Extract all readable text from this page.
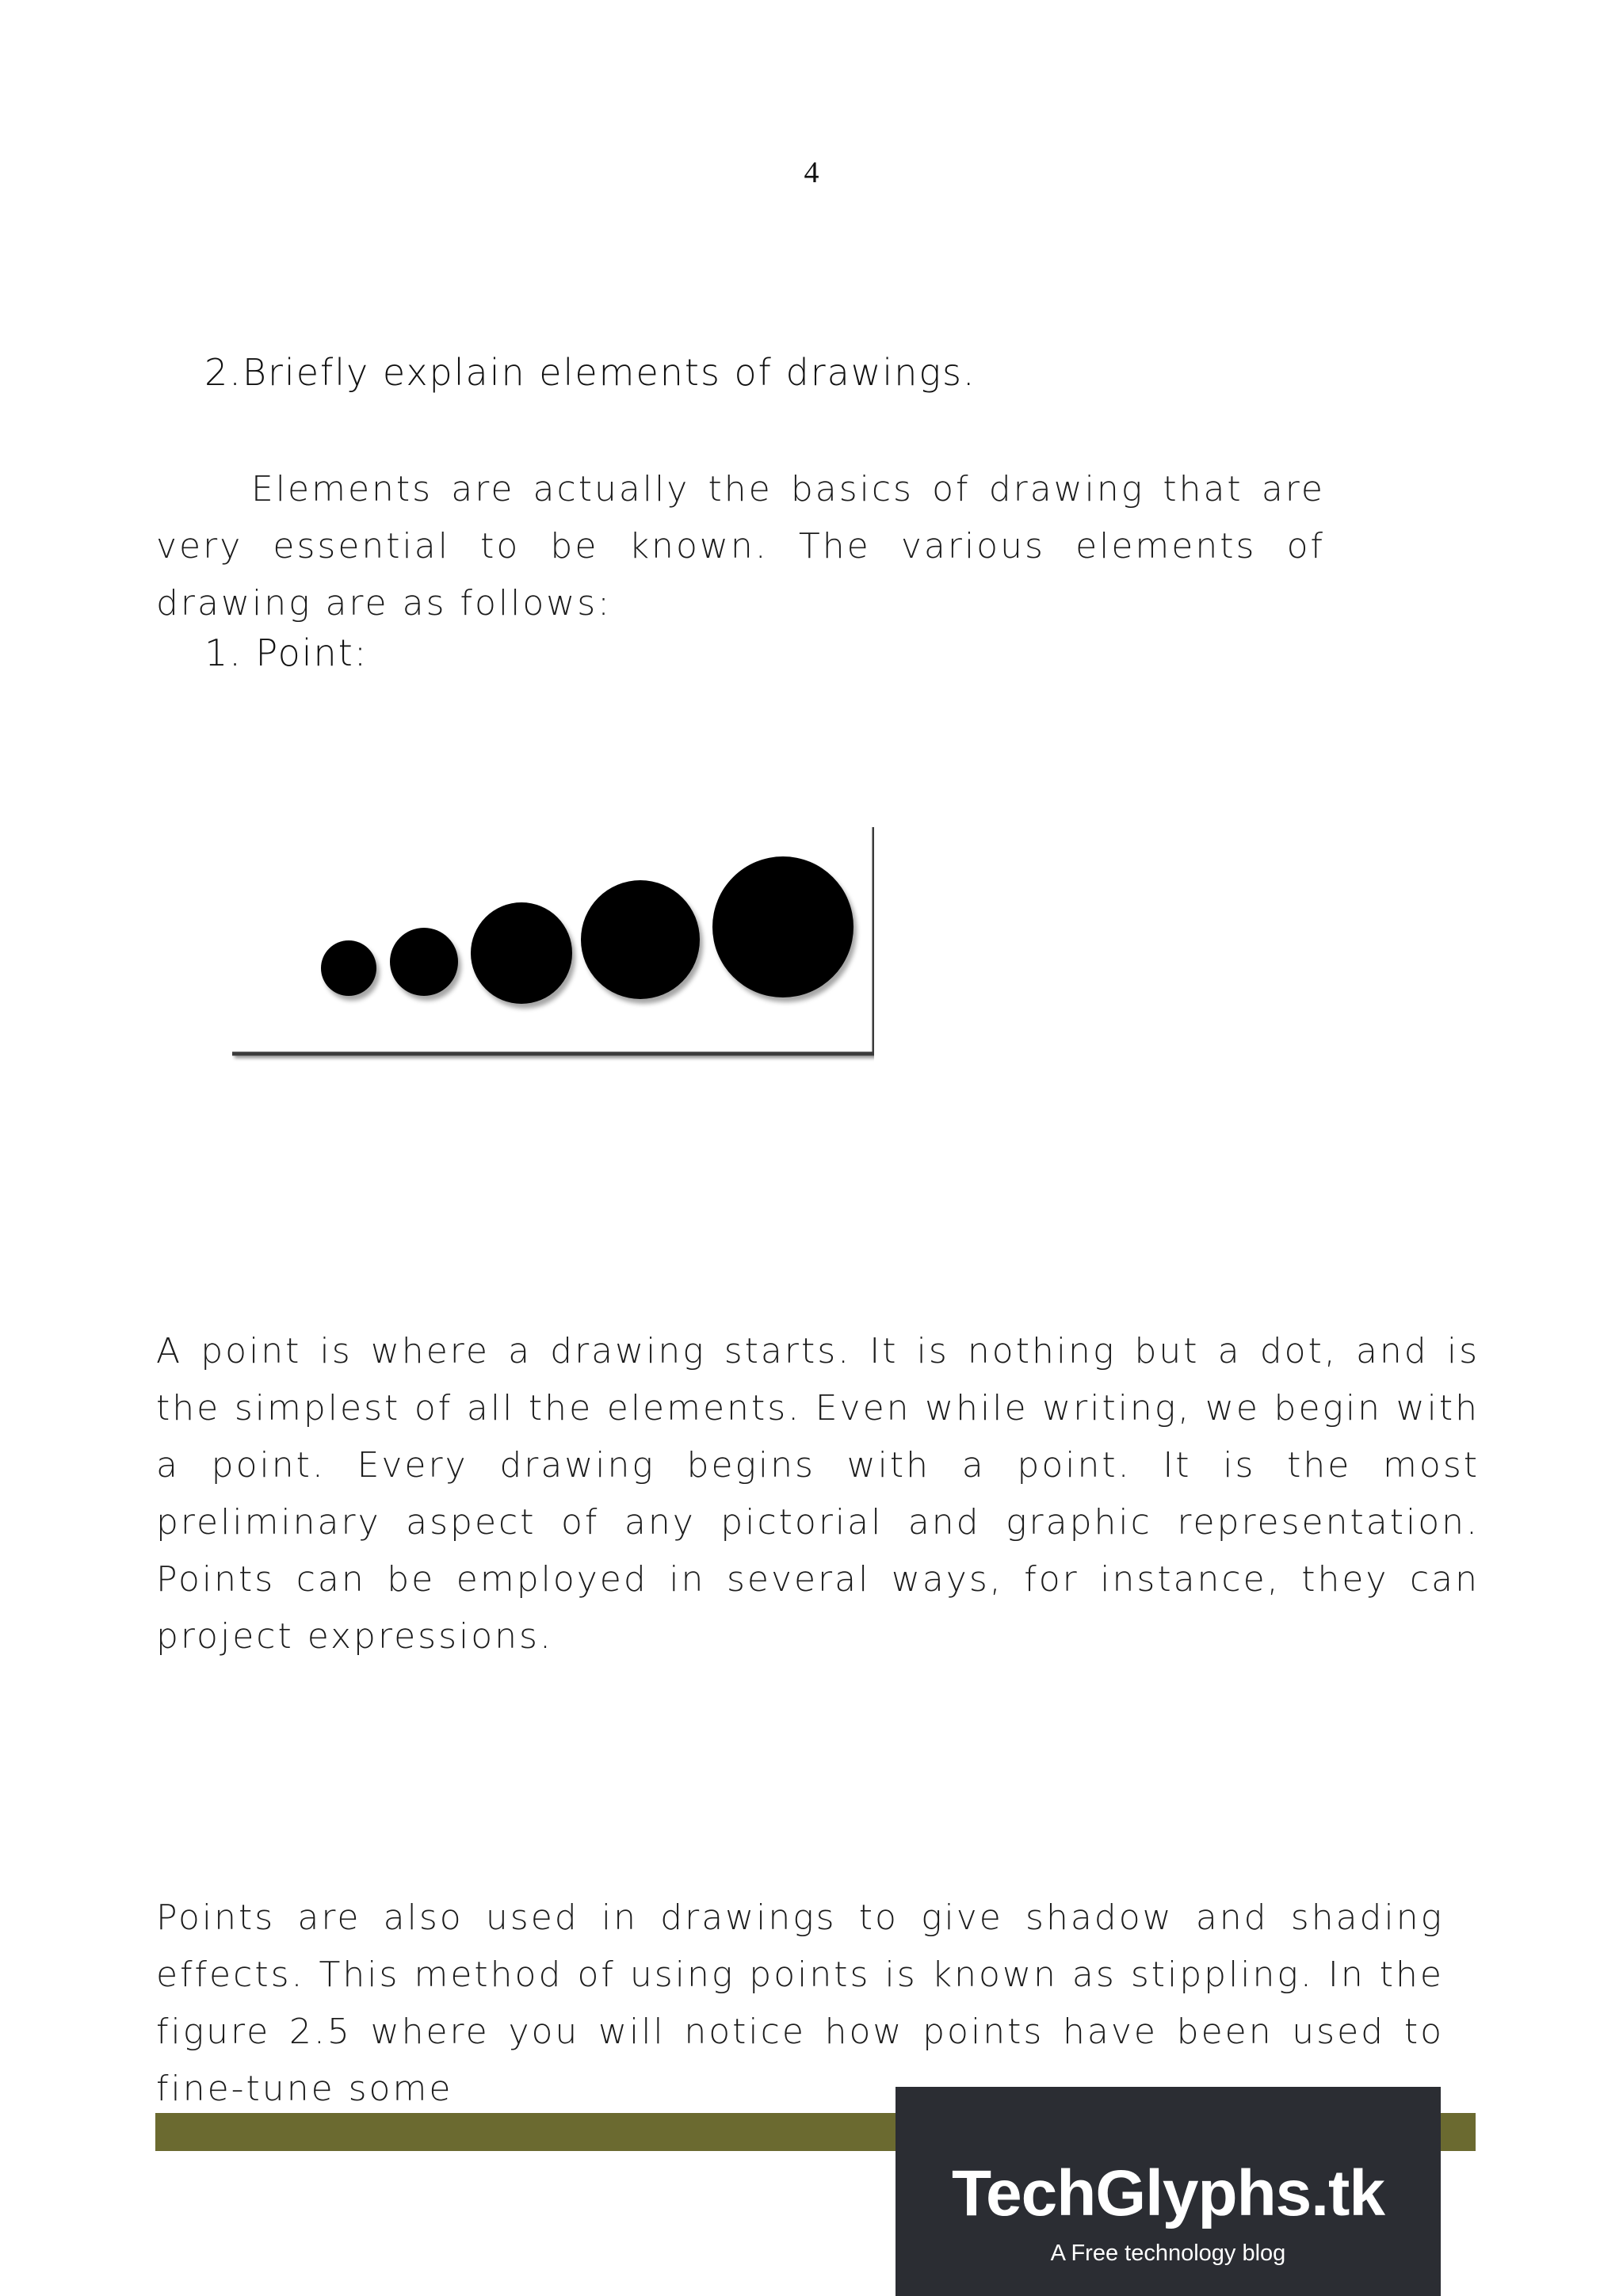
4
2.Briefly explain elements of drawings.

Elements are actually the basics of drawing that are very essential to be known. The various elements of drawing are as follows:

1. Point:

A point is where a drawing starts. It is nothing but a dot, and is the simplest of all the elements. Even while writing, we begin with a point. Every drawing begins with a point. It is the most preliminary aspect of any pictorial and graphic representation. Points can be employed in several ways, for instance, they can project expressions.

Points are also used in drawings to give shadow and shading effects. This method of using points is known as stippling. In the figure 2.5 where you will notice how points have been used to fine-tune some

TechGlyphs.tk
A Free technology blog
